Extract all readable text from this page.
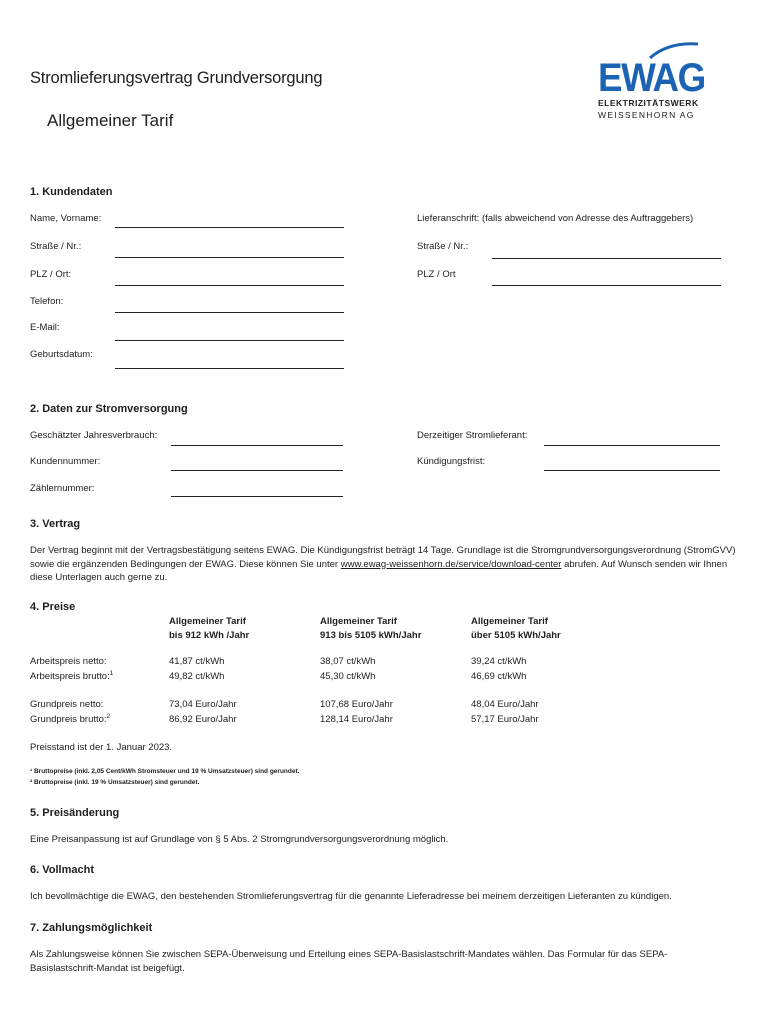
Stromlieferungsvertrag Grundversorgung
Allgemeiner Tarif
EWAG
ELEKTRIZITÄTSWERK
WEISSENHORN AG
1. Kundendaten
Name, Vorname:
Straße / Nr.:
PLZ / Ort:
Telefon:
E-Mail:
Geburtsdatum:
Lieferanschrift: (falls abweichend von Adresse des Auftraggebers)
Straße / Nr.:
PLZ / Ort
2. Daten zur Stromversorgung
Geschätzter Jahresverbrauch:
Kundennummer:
Zählernummer:
Derzeitiger Stromlieferant:
Kündigungsfrist:
3. Vertrag
Der Vertrag beginnt mit der Vertragsbestätigung seitens EWAG. Die Kündigungsfrist beträgt 14 Tage. Grundlage ist die Stromgrundversorgungsverordnung (StromGVV) sowie die ergänzenden Bedingungen der EWAG. Diese können Sie unter www.ewag-weissenhorn.de/service/download-center abrufen. Auf Wunsch senden wir Ihnen diese Unterlagen auch gerne zu.
4. Preise
Allgemeiner Tarif
bis 912 kWh /Jahr
Allgemeiner Tarif
913 bis 5105 kWh/Jahr
Allgemeiner Tarif
über 5105 kWh/Jahr
Arbeitspreis netto:
Arbeitspreis brutto:$^1$
41,87 ct/kWh
49,82 ct/kWh
38,07 ct/kWh
45,30 ct/kWh
39,24 ct/kWh
46,69 ct/kWh
Grundpreis netto:
Grundpreis brutto:$^2$
73,04 Euro/Jahr
86,92 Euro/Jahr
107,68 Euro/Jahr
128,14 Euro/Jahr
48,04 Euro/Jahr
57,17 Euro/Jahr
Preisstand ist der 1. Januar 2023.
¹ Bruttopreise (inkl. 2,05 Cent/kWh Stromsteuer und 19 % Umsatzsteuer) sind gerundet.
² Bruttopreise (inkl. 19 % Umsatzsteuer) sind gerundet.
5. Preisänderung
Eine Preisanpassung ist auf Grundlage von § 5 Abs. 2 Stromgrundversorgungsverordnung möglich.
6. Vollmacht
Ich bevollmächtige die EWAG, den bestehenden Stromlieferungsvertrag für die genannte Lieferadresse bei meinem derzeitigen Lieferanten zu kündigen.
7. Zahlungsmöglichkeit
Als Zahlungsweise können Sie zwischen SEPA-Überweisung und Erteilung eines SEPA-Basislastschrift-Mandates wählen. Das Formular für das SEPA-Basislastschrift-Mandat ist beigefügt.
